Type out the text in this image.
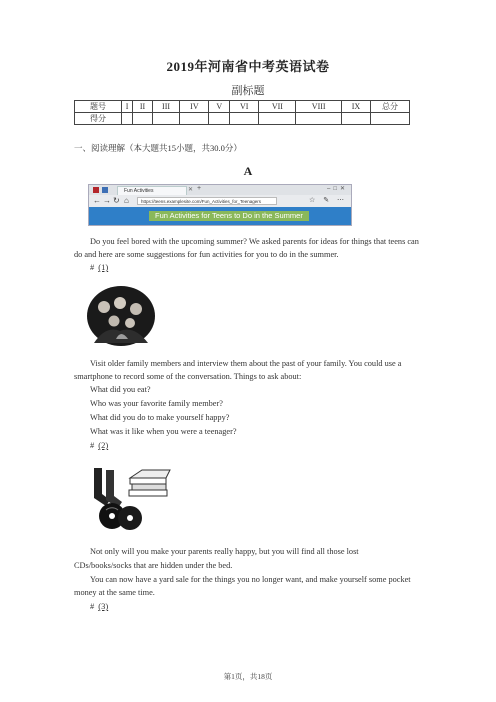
2019年河南省中考英语试卷
副标题
题号	I	II	III	IV	V	VI	VII	VIII	IX	总分
得分										
一、阅读理解（本大题共15小题，共30.0分）
A
Fun Activities	✕ +	–□✕
← → ↻ ⌂	https://teens.examplesite.com/Fun_Activities_for_Teenagers	☆ ✎ ⋯
Fun Activities for Teens to Do in the Summer
Do you feel bored with the upcoming summer? We asked parents for ideas for things that teens can do and here are some suggestions for fun activities for you to do in the summer.
# (1)
Visit older family members and interview them about the past of your family. You could use a smartphone to record some of the conversation. Things to ask about:
What did you eat?
Who was your favorite family member?
What did you do to make yourself happy?
What was it like when you were a teenager?
# (2)
Not only will you make your parents really happy, but you will find all those lost
CDs/books/socks that are hidden under the bed.
You can now have a yard sale for the things you no longer want, and make yourself some pocket money at the same time.
# (3)
第1页，共18页
